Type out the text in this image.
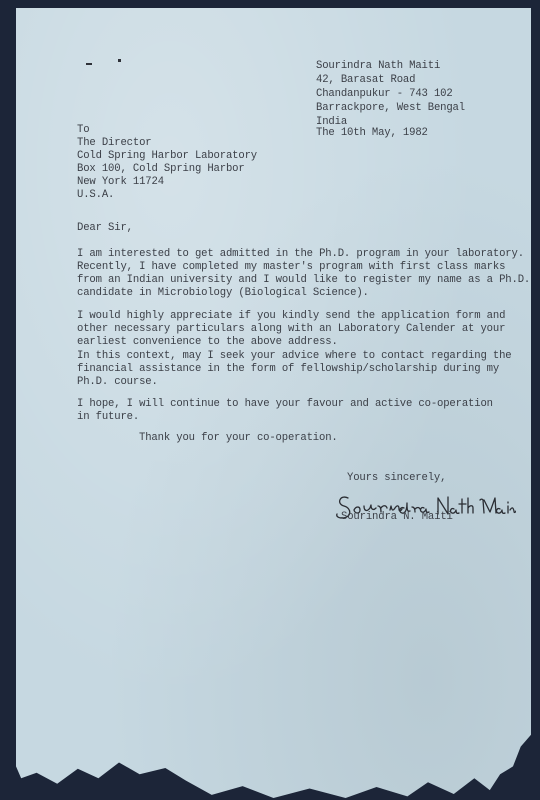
Sourindra Nath Maiti
42, Barasat Road
Chandanpukur - 743 102
Barrackpore, West Bengal
India
The 10th May, 1982
To
The Director
Cold Spring Harbor Laboratory
Box 100, Cold Spring Harbor
New York 11724
U.S.A.
Dear Sir,
I am interested to get admitted in the Ph.D. program in your laboratory.
Recently, I have completed my master's program with first class marks
from an Indian university and I would like to register my name as a Ph.D.
candidate in Microbiology (Biological Science).
I would highly appreciate if you kindly send the application form and
other necessary particulars along with an Laboratory Calender at your
earliest convenience to the above address.
In this context, may I seek your advice where to contact regarding the
financial assistance in the form of fellowship/scholarship during my
Ph.D. course.
I hope, I will continue to have your favour and active co-operation
in future.
Thank you for your co-operation.
Yours sincerely,
Sourindra N. Maiti
